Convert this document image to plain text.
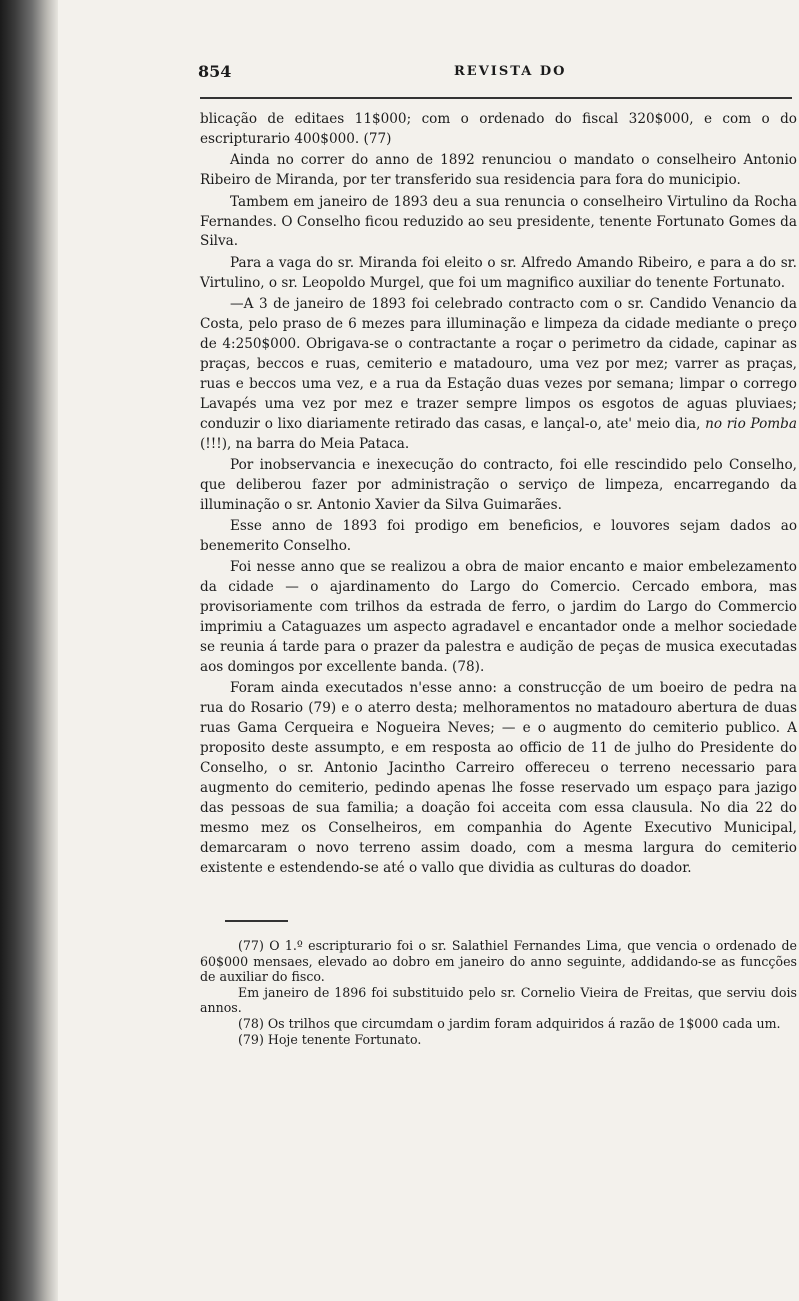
854	REVISTA DO

blicação de editaes 11$000; com o ordenado do fiscal 320$000, e com o do escripturario 400$000. (77)

Ainda no correr do anno de 1892 renunciou o mandato o conselheiro Antonio Ribeiro de Miranda, por ter transferido sua residencia para fora do municipio.

Tambem em janeiro de 1893 deu a sua renuncia o conselheiro Virtulino da Rocha Fernandes. O Conselho ficou reduzido ao seu presidente, tenente Fortunato Gomes da Silva.

Para a vaga do sr. Miranda foi eleito o sr. Alfredo Amando Ribeiro, e para a do sr. Virtulino, o sr. Leopoldo Murgel, que foi um magnifico auxiliar do tenente Fortunato.

—A 3 de janeiro de 1893 foi celebrado contracto com o sr. Candido Venancio da Costa, pelo praso de 6 mezes para illuminação e limpeza da cidade mediante o preço de 4:250$000. Obrigava-se o contractante a roçar o perimetro da cidade, capinar as praças, beccos e ruas, cemiterio e matadouro, uma vez por mez; varrer as praças, ruas e beccos uma vez, e a rua da Estação duas vezes por semana; limpar o corrego Lavapés uma vez por mez e trazer sempre limpos os esgotos de aguas pluviaes; conduzir o lixo diariamente retirado das casas, e lançal-o, ate' meio dia, no rio Pomba (!!!), na barra do Meia Pataca.

Por inobservancia e inexecução do contracto, foi elle rescindido pelo Conselho, que deliberou fazer por administração o serviço de limpeza, encarregando da illuminação o sr. Antonio Xavier da Silva Guimarães.

Esse anno de 1893 foi prodigo em beneficios, e louvores sejam dados ao benemerito Conselho.

Foi nesse anno que se realizou a obra de maior encanto e maior embelezamento da cidade — o ajardinamento do Largo do Comercio. Cercado embora, mas provisoriamente com trilhos da estrada de ferro, o jardim do Largo do Commercio imprimiu a Cataguazes um aspecto agradavel e encantador onde a melhor sociedade se reunia á tarde para o prazer da palestra e audição de peças de musica executadas aos domingos por excellente banda. (78).

Foram ainda executados n'esse anno: a construcção de um boeiro de pedra na rua do Rosario (79) e o aterro desta; melhoramentos no matadouro abertura de duas ruas Gama Cerqueira e Nogueira Neves; — e o augmento do cemiterio publico. A proposito deste assumpto, e em resposta ao officio de 11 de julho do Presidente do Conselho, o sr. Antonio Jacintho Carreiro offereceu o terreno necessario para augmento do cemiterio, pedindo apenas lhe fosse reservado um espaço para jazigo das pessoas de sua familia; a doação foi acceita com essa clausula. No dia 22 do mesmo mez os Conselheiros, em companhia do Agente Executivo Municipal, demarcaram o novo terreno assim doado, com a mesma largura do cemiterio existente e estendendo-se até o vallo que dividia as culturas do doador.

(77) O 1.º escripturario foi o sr. Salathiel Fernandes Lima, que vencia o ordenado de 60$000 mensaes, elevado ao dobro em janeiro do anno seguinte, addidando-se as funcções de auxiliar do fisco.

Em janeiro de 1896 foi substituido pelo sr. Cornelio Vieira de Freitas, que serviu dois annos.

(78) Os trilhos que circumdam o jardim foram adquiridos á razão de 1$000 cada um.

(79) Hoje tenente Fortunato.
